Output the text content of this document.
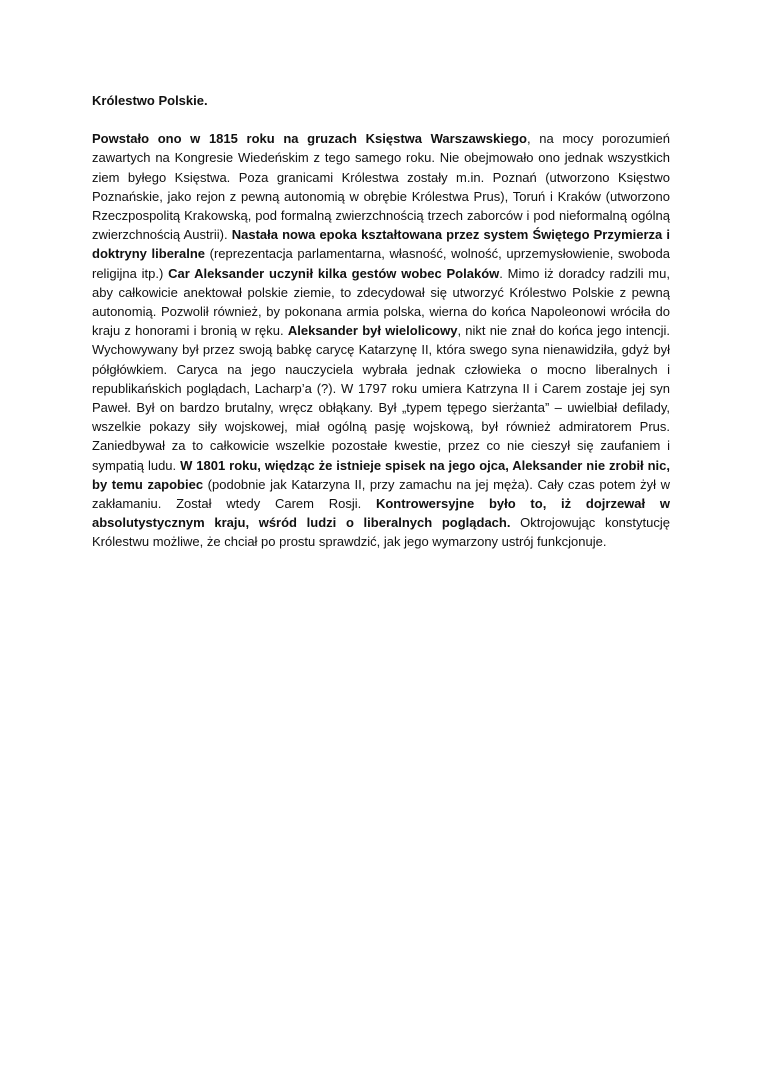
Królestwo Polskie.

Powstało ono w 1815 roku na gruzach Księstwa Warszawskiego, na mocy porozumień zawartych na Kongresie Wiedeńskim z tego samego roku. Nie obejmowało ono jednak wszystkich ziem byłego Księstwa. Poza granicami Królestwa zostały m.in. Poznań (utworzono Księstwo Poznańskie, jako rejon z pewną autonomią w obrębie Królestwa Prus), Toruń i Kraków (utworzono Rzeczpospolitą Krakowską, pod formalną zwierzchnością trzech zaborców i pod nieformalną ogólną zwierzchnością Austrii). Nastała nowa epoka kształtowana przez system Świętego Przymierza i doktryny liberalne (reprezentacja parlamentarna, własność, wolność, uprzemysłowienie, swoboda religijna itp.) Car Aleksander uczynił kilka gestów wobec Polaków. Mimo iż doradcy radzili mu, aby całkowicie anektował polskie ziemie, to zdecydował się utworzyć Królestwo Polskie z pewną autonomią. Pozwolił również, by pokonana armia polska, wierna do końca Napoleonowi wróciła do kraju z honorami i bronią w ręku. Aleksander był wielolicowy, nikt nie znał do końca jego intencji. Wychowywany był przez swoją babkę carycę Katarzynę II, która swego syna nienawidziła, gdyż był półgłówkiem. Caryca na jego nauczyciela wybrała jednak człowieka o mocno liberalnych i republikańskich poglądach, Lacharp’a (?). W 1797 roku umiera Katrzyna II i Carem zostaje jej syn Paweł. Był on bardzo brutalny, wręcz obłąkany. Był „typem tępego sierżanta” – uwielbiał defilady, wszelkie pokazy siły wojskowej, miał ogólną pasję wojskową, był również admiratorem Prus. Zaniedbywał za to całkowicie wszelkie pozostałe kwestie, przez co nie cieszył się zaufaniem i sympatią ludu. W 1801 roku, więdząc że istnieje spisek na jego ojca, Aleksander nie zrobił nic, by temu zapobiec (podobnie jak Katarzyna II, przy zamachu na jej męża). Cały czas potem żył w zakłamaniu. Został wtedy Carem Rosji. Kontrowersyjne było to, iż dojrzewał w absolutystycznym kraju, wśród ludzi o liberalnych poglądach. Oktrojowując konstytucję Królestwu możliwe, że chciał po prostu sprawdzić, jak jego wymarzony ustrój funkcjonuje.
